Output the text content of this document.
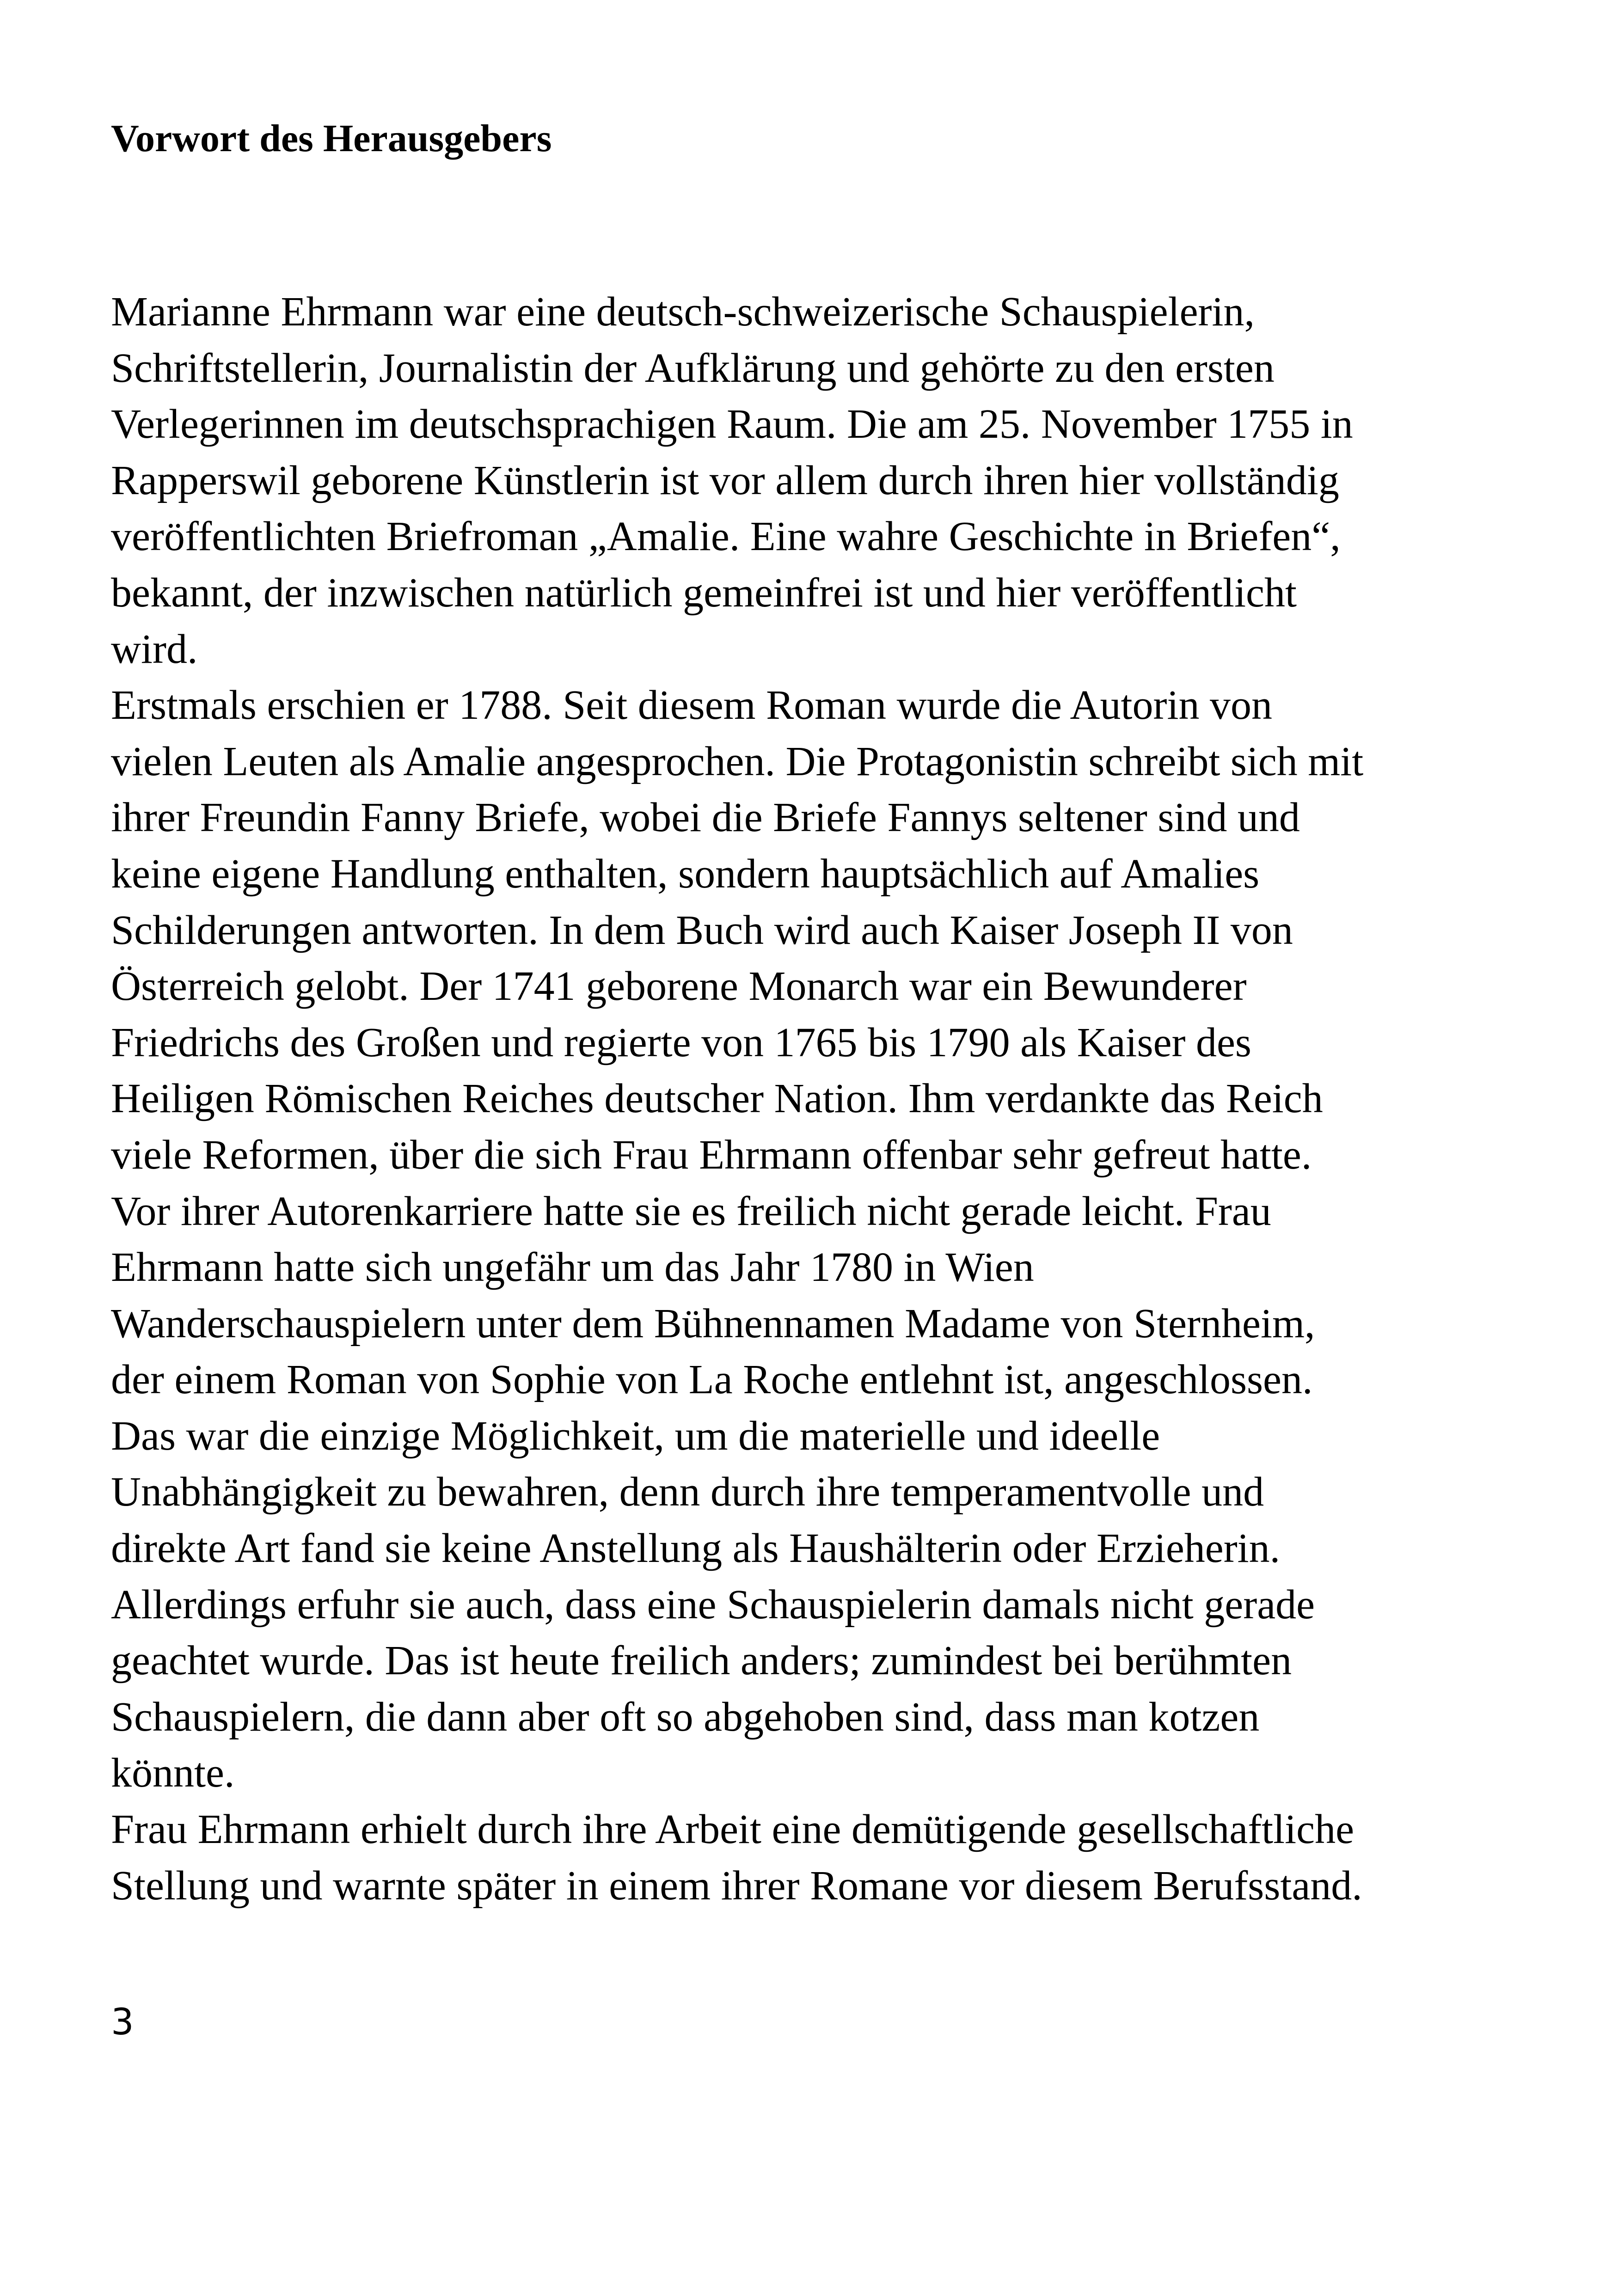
Vorwort des Herausgebers
Marianne Ehrmann war eine deutsch-schweizerische Schauspielerin,
Schriftstellerin, Journalistin der Aufklärung und gehörte zu den ersten
Verlegerinnen im deutschsprachigen Raum. Die am 25. November 1755 in
Rapperswil geborene Künstlerin ist vor allem durch ihren hier vollständig
veröffentlichten Briefroman „Amalie. Eine wahre Geschichte in Briefen“,
bekannt, der inzwischen natürlich gemeinfrei ist und hier veröffentlicht
wird.
Erstmals erschien er 1788. Seit diesem Roman wurde die Autorin von
vielen Leuten als Amalie angesprochen. Die Protagonistin schreibt sich mit
ihrer Freundin Fanny Briefe, wobei die Briefe Fannys seltener sind und
keine eigene Handlung enthalten, sondern hauptsächlich auf Amalies
Schilderungen antworten. In dem Buch wird auch Kaiser Joseph II von
Österreich gelobt. Der 1741 geborene Monarch war ein Bewunderer
Friedrichs des Großen und regierte von 1765 bis 1790 als Kaiser des
Heiligen Römischen Reiches deutscher Nation. Ihm verdankte das Reich
viele Reformen, über die sich Frau Ehrmann offenbar sehr gefreut hatte.
Vor ihrer Autorenkarriere hatte sie es freilich nicht gerade leicht. Frau
Ehrmann hatte sich ungefähr um das Jahr 1780 in Wien
Wanderschauspielern unter dem Bühnennamen Madame von Sternheim,
der einem Roman von Sophie von La Roche entlehnt ist, angeschlossen.
Das war die einzige Möglichkeit, um die materielle und ideelle
Unabhängigkeit zu bewahren, denn durch ihre temperamentvolle und
direkte Art fand sie keine Anstellung als Haushälterin oder Erzieherin.
Allerdings erfuhr sie auch, dass eine Schauspielerin damals nicht gerade
geachtet wurde. Das ist heute freilich anders; zumindest bei berühmten
Schauspielern, die dann aber oft so abgehoben sind, dass man kotzen
könnte.
Frau Ehrmann erhielt durch ihre Arbeit eine demütigende gesellschaftliche
Stellung und warnte später in einem ihrer Romane vor diesem Berufsstand.
3
